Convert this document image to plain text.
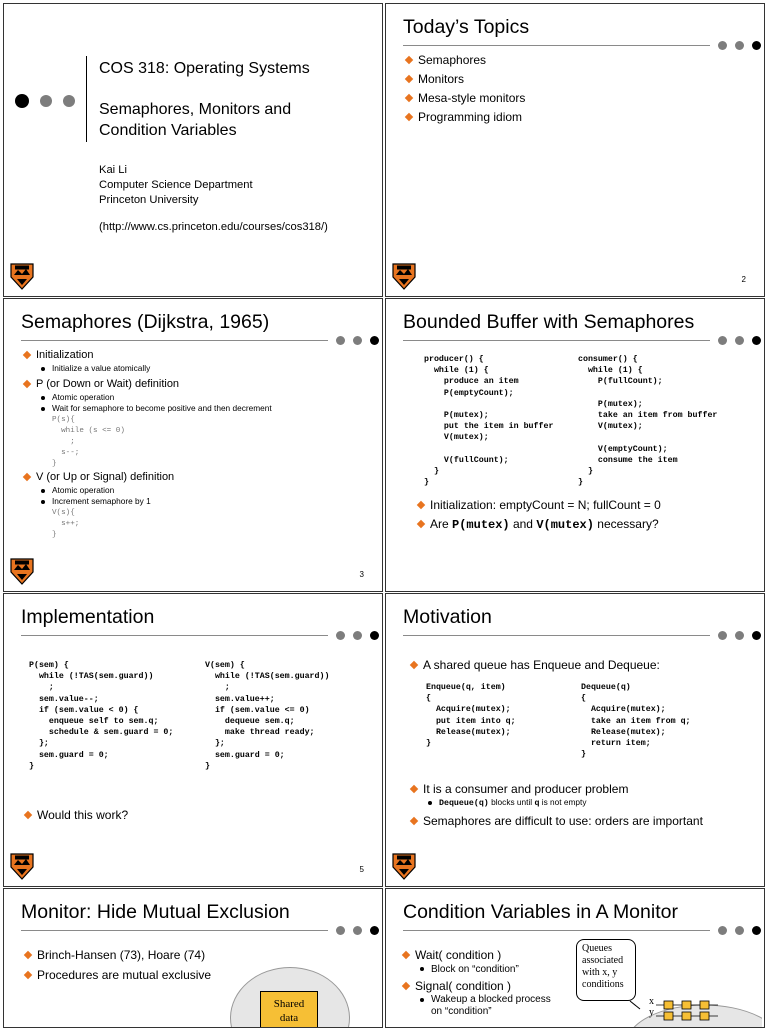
COS 318: Operating Systems
Semaphores, Monitors and
Condition Variables
Kai Li
Computer Science Department
Princeton University
(http://www.cs.princeton.edu/courses/cos318/)
Today’s Topics
Semaphores
Monitors
Mesa-style monitors
Programming idiom
2
Semaphores (Dijkstra, 1965)
Initialization
Initialize a value atomically
P (or Down or Wait) definition
Atomic operation
Wait for semaphore to become positive and then decrement
P(s){
while (s <= 0)
;
s--;
}
V (or Up or Signal) definition
Atomic operation
Increment semaphore by 1
V(s){
s++;
}
3
Bounded Buffer with Semaphores
producer() {
while (1) {
produce an item
P(emptyCount);

P(mutex);
put the item in buffer
V(mutex);

V(fullCount);
}
}
consumer() {
while (1) {
P(fullCount);

P(mutex);
take an item from buffer
V(mutex);

V(emptyCount);
consume the item
}
}
Initialization: emptyCount = N; fullCount = 0
Are P(mutex) and V(mutex) necessary?
Implementation
P(sem) {
while (!TAS(sem.guard))
;
sem.value--;
if (sem.value < 0) {
enqueue self to sem.q;
schedule & sem.guard = 0;
};
sem.guard = 0;
}
V(sem) {
while (!TAS(sem.guard))
;
sem.value++;
if (sem.value <= 0)
dequeue sem.q;
make thread ready;
};
sem.guard = 0;
}
Would this work?
5
Motivation
A shared queue has Enqueue and Dequeue:
Enqueue(q, item)
{
Acquire(mutex);
put item into q;
Release(mutex);
}
Dequeue(q)
{
Acquire(mutex);
take an item from q;
Release(mutex);
return item;
}
It is a consumer and producer problem
Dequeue(q) blocks until q is not empty
Semaphores are difficult to use: orders are important
Monitor: Hide Mutual Exclusion
Brinch-Hansen (73), Hoare (74)
Procedures are mutual exclusive
Shared
data
Condition Variables in A Monitor
Wait( condition )
Block on “condition”
Signal( condition )
Wakeup a blocked process
on “condition”
Queues associated with x, y conditions
x
y
